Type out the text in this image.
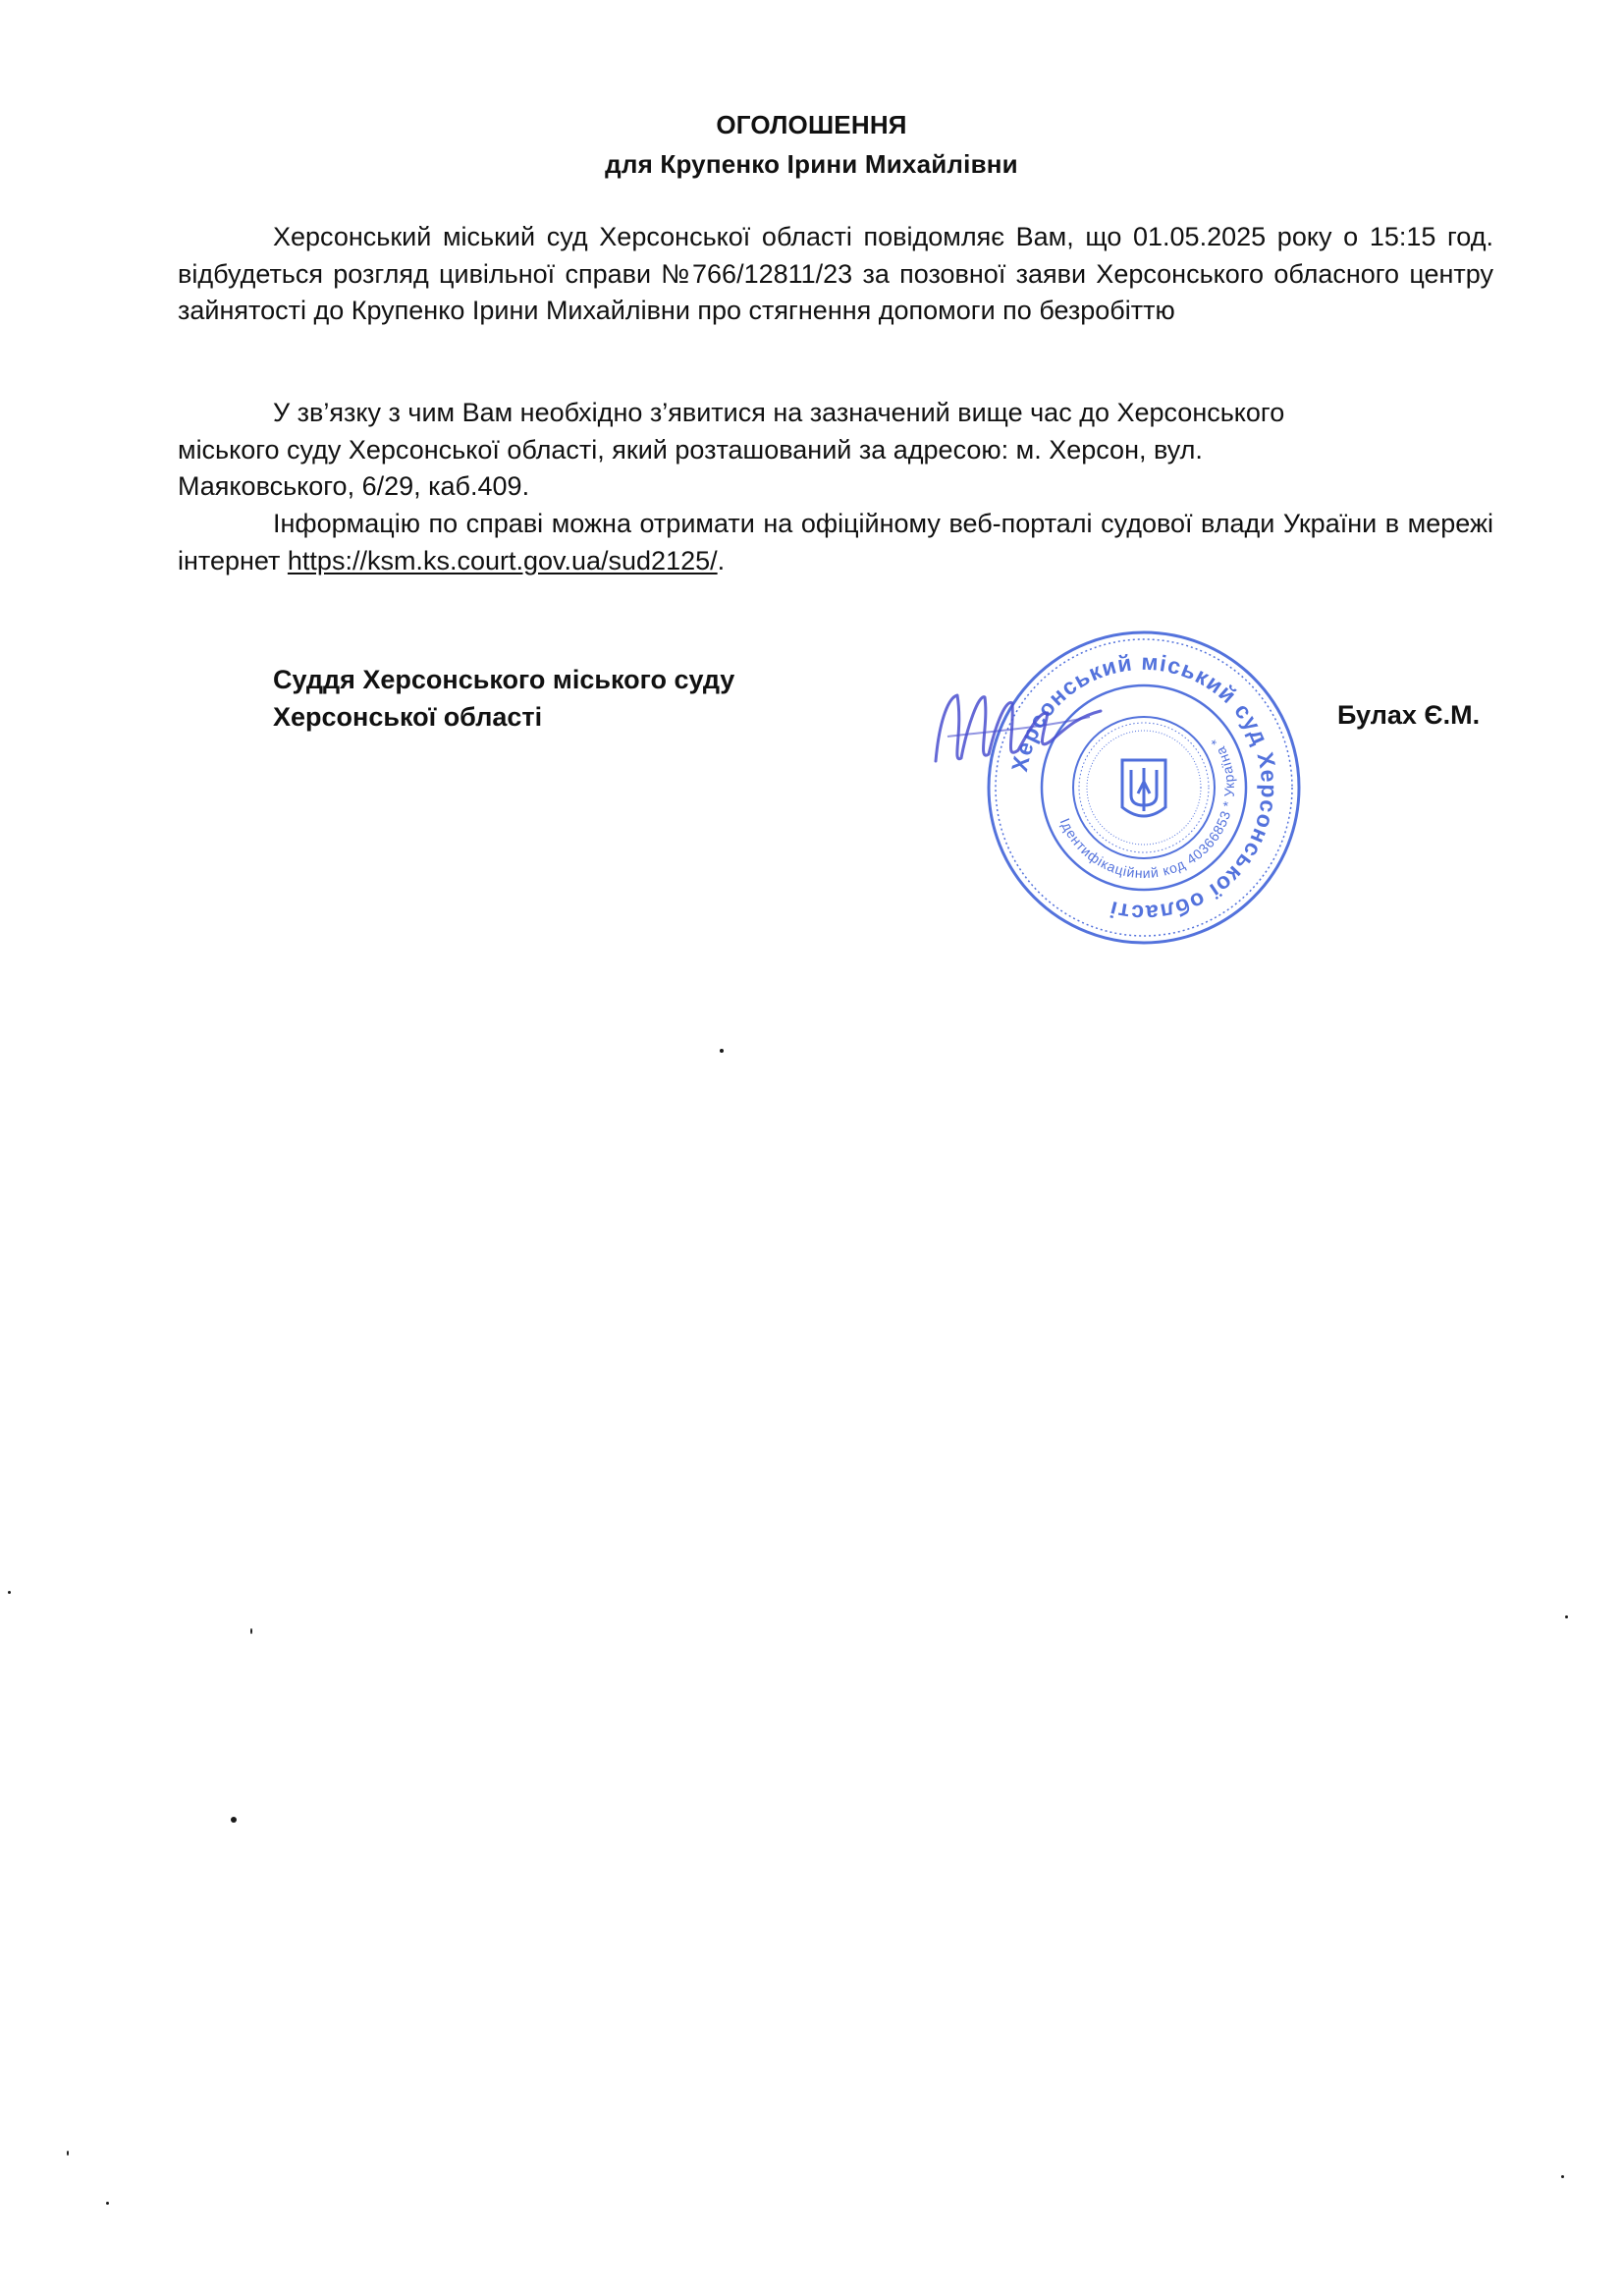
ОГОЛОШЕННЯ
для Крупенко Ірини Михайлівни
Херсонський міський суд Херсонської області повідомляє Вам, що 01.05.2025 року о 15:15 год. відбудеться розгляд цивільної справи №766/12811/23 за позовної заяви Херсонського обласного центру зайнятості до Крупенко Ірини Михайлівни про стягнення допомоги по безробіттю
У зв’язку з чим Вам необхідно з’явитися на зазначений вище час до Херсонського
міського суду Херсонської області, який розташований за адресою: м. Херсон, вул.
Маяковського, 6/29, каб.409.
Інформацію по справі можна отримати на офіційному веб-порталі судової влади України в мережі інтернет https://ksm.ks.court.gov.ua/sud2125/.
Суддя Херсонського міського суду
Херсонської області	Булах Є.М.
Херсонський міський суд Херсонської області
Ідентифікаційний код 40366853 * Україна *
